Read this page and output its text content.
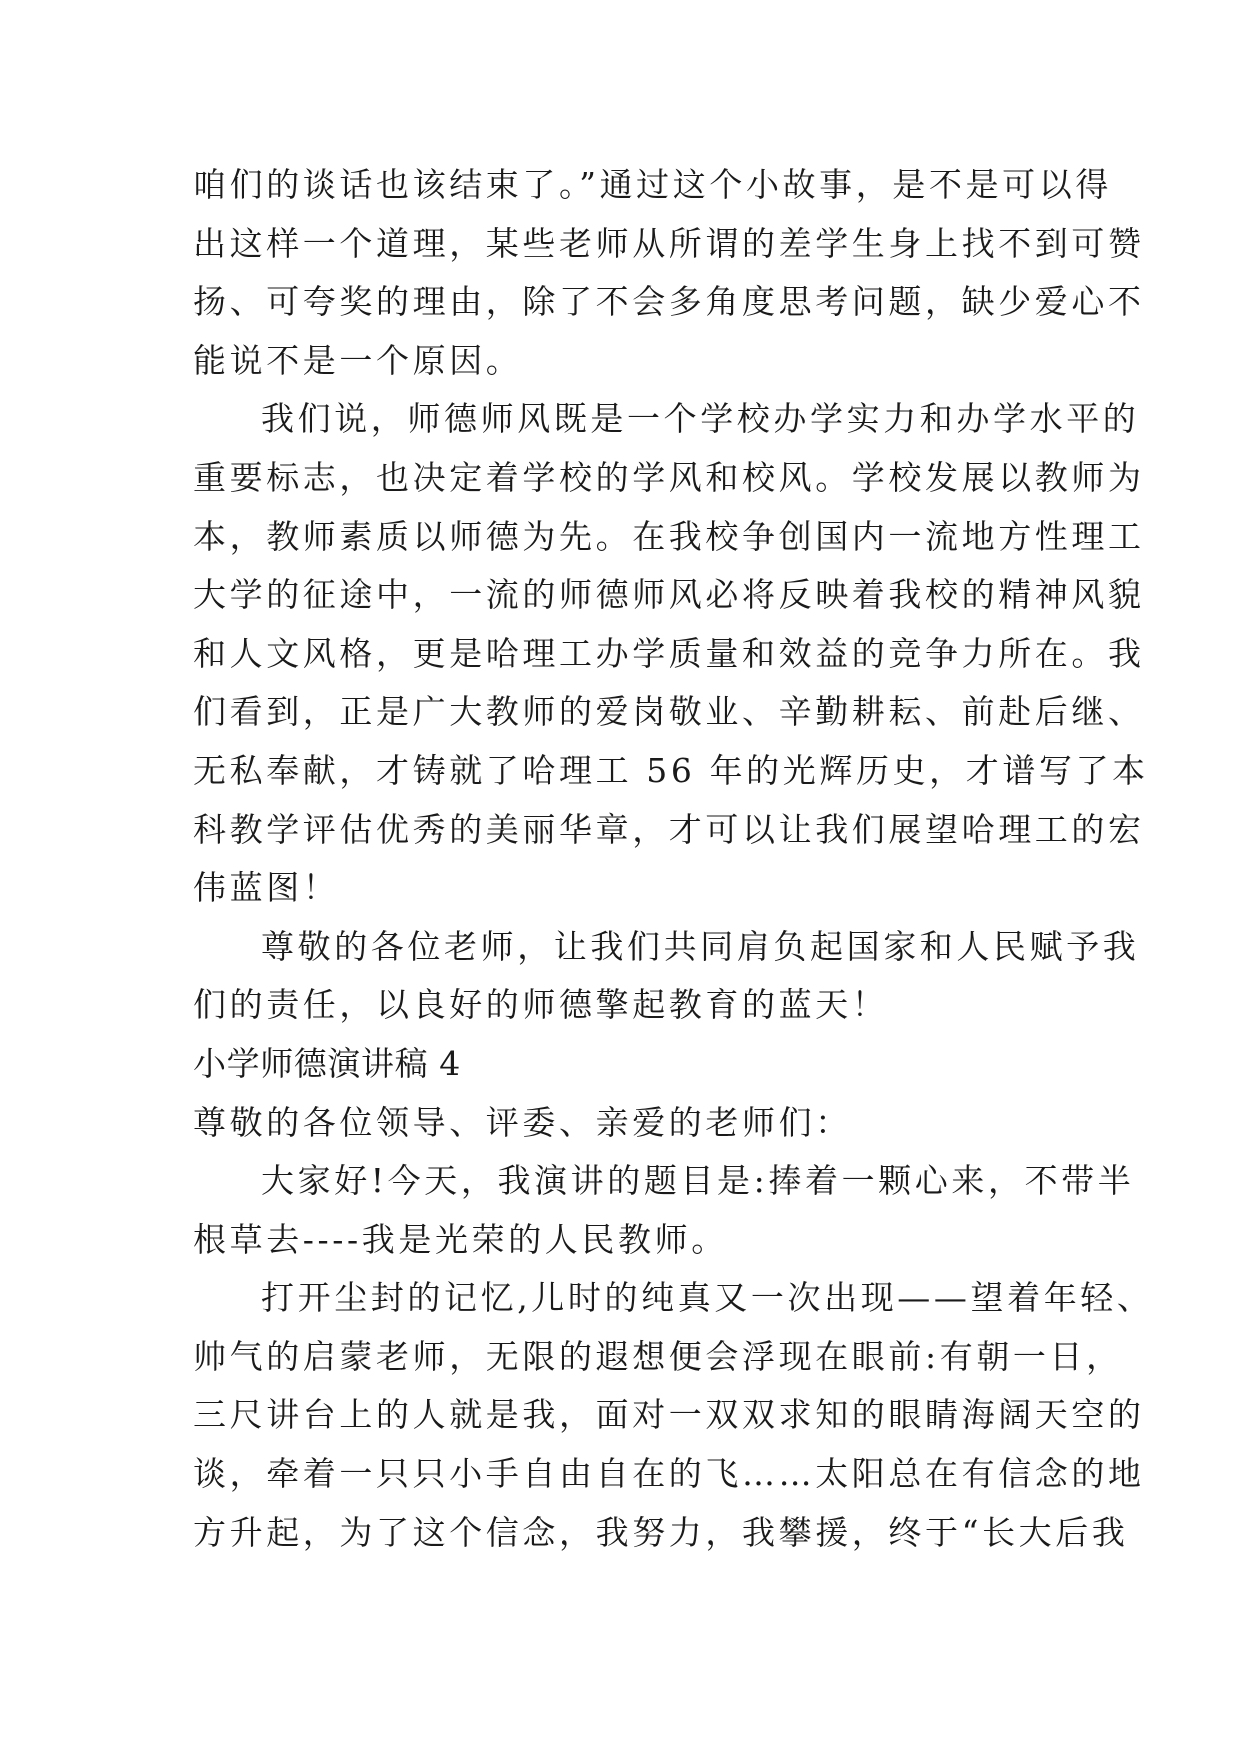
咱们的谈话也该结束了。”通过这个小故事，是不是可以得
出这样一个道理，某些老师从所谓的差学生身上找不到可赞
扬、可夸奖的理由，除了不会多角度思考问题，缺少爱心不
能说不是一个原因。
我们说，师德师风既是一个学校办学实力和办学水平的
重要标志，也决定着学校的学风和校风。学校发展以教师为
本，教师素质以师德为先。在我校争创国内一流地方性理工
大学的征途中，一流的师德师风必将反映着我校的精神风貌
和人文风格，更是哈理工办学质量和效益的竞争力所在。我
们看到，正是广大教师的爱岗敬业、辛勤耕耘、前赴后继、
无私奉献，才铸就了哈理工 56 年的光辉历史，才谱写了本
科教学评估优秀的美丽华章，才可以让我们展望哈理工的宏
伟蓝图！
尊敬的各位老师，让我们共同肩负起国家和人民赋予我
们的责任，以良好的师德擎起教育的蓝天！
小学师德演讲稿 4
尊敬的各位领导、评委、亲爱的老师们：
大家好!今天，我演讲的题目是:捧着一颗心来，不带半
根草去----我是光荣的人民教师。
打开尘封的记忆,儿时的纯真又一次出现——望着年轻、
帅气的启蒙老师，无限的遐想便会浮现在眼前:有朝一日，
三尺讲台上的人就是我，面对一双双求知的眼睛海阔天空的
谈，牵着一只只小手自由自在的飞……太阳总在有信念的地
方升起，为了这个信念，我努力，我攀援，终于“长大后我
